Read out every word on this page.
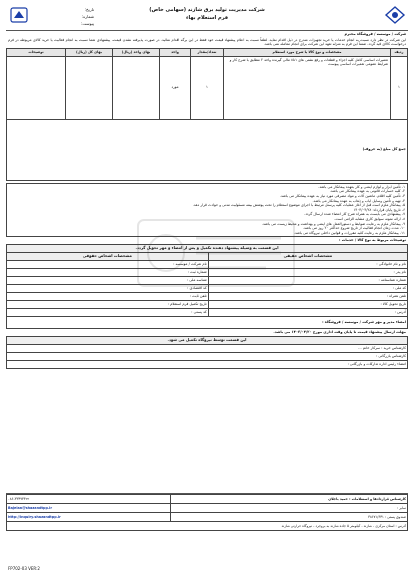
شرکت مدیریت تولید برق شازند (سهامی خاص)
فرم استعلام بهاء
تاریخ:
شماره:
پیوست:
شرکت / موسسه / فروشگاه محترم
این شرکت در نظر دارد نسبت به انجام خدمات یا خرید تجهیزات مندرج در ذیل اقدام نماید. لطفاً نسبت به اعلام پیشنهاد قیمت خود فقط در این برگه اقدام نمائید. در صورت پذیرفته نشدن قیمت، پیشنهادی شما نسبت به انجام فعالیت یا خرید کالای مربوطه در فرم درخواست کالای قید گردد. ضمناً این فرم به منزله تعهد این شرکت برای انجام معامله نمی باشد.
ردیف	مشخصات و نوع کالا یا شرح مورد استعلام	تعداد/مقدار	واحد	بهای واحد (ریال)	بهای کل (ریال)	توضیحات
۱	تعمیرات اساسی کامل کلیه اجزاء و قطعات و رفع نشتی های ۱تا۸ مالی گیرنده واحد ۲ مطابق با شرح کار و شرایط عمومی تعمیرات اساسی پیوست	۱	مورد			
جمع کل مبلغ (به حروف)						
۱- تأمین ابزار و لوازم ایمنی و کار بعهده پیمانکار می باشد.
۲- کلیه خسارات قانونی به عهده پیمانکار می باشد.
۳- تأمین کلیه اقلام، ماشین آلات و مواد مصرفی مورد نیاز به عهده پیمانکار می باشد.
۴- تهیه و تأمین وسایل ایاب و ذهاب به عهده پیمانکار می باشد.
۵- پیمانکار ملزم است قبل از آغاز عملیات کلیه پرسنل مرتبط با اجرای موضوع استعلام را تحت پوشش بیمه مسئولیت مدنی و حوادث قرار دهد.
۶- تاریخ پایان قرارداد: ۱۴۰۳/۰۴/۲۸
۷- پیشنهادی می بایست به همراه شرح کار امضاء شده ارسال گردد.
۸- ارائه نمونه سوابق کاری مشابه الزامی است.
۹- پیمانکار ملزم به رعایت ضوابط و دستورالعمل های ایمنی و بهداشت و محیط زیست می باشد.
۱۰- مدت زمان انجام فعالیت از تاریخ شروع حداکثر ۲۰ روز می باشد.
۱۱- پیمانکار ملزم به رعایت کلیه مقررات و قوانین داخلی نیروگاه می باشد.
توضیحات مربوط به نوع کالا / خدمات :
این قسمت به وسیله پیشنهاد دهنده تکمیل و پس از امضاء و مهر تحویل گردد.	
مشخصات اشخاص حقیقی	مشخصات اشخاص حقوقی
نام و نام خانوادگی :	نام شرکت / موسسه :
نام پدر :	شماره ثبت :
شماره شناسنامه :	شناسه ملی :
کد ملی :	کد اقتصادی :
تلفن همراه :	تلفن ثابت :
تاریخ تحویل کالا :	تاریخ تکمیل فرم استعلام :
آدرس :	کد پستی :
امضاء مدیر و مهر شرکت / موسسه / فروشگاه :	
مهلت ارسال پیشنهاد قیمت تا پایان وقت اداری مورخ ۱۴۰۳/۰۴/۲۰ می باشد.
این قسمت توسط نیروگاه تکمیل می شود.
کارشناس خرید : سرکار خانم ...
کارشناس بازرگانی :
امضاء رئیس اداره تدارکات و بازرگانی :
کارشناس قراردادها و استعلامات : حمید باجلان	۰۸۶-۳۳۴۹۳۳۲۲
نمابر :	Bajelan@shazandtpp.ir
صندوق پستی : ۳۸۶۷۱/۶۴۱	http://inquiry.shazandtpp.ir
آدرس : استان مرکزی - شازند - کیلومتر ۵ جاده شازند به بروجرد - نیروگاه حرارتی شازند	
FP702-03 VER:2
